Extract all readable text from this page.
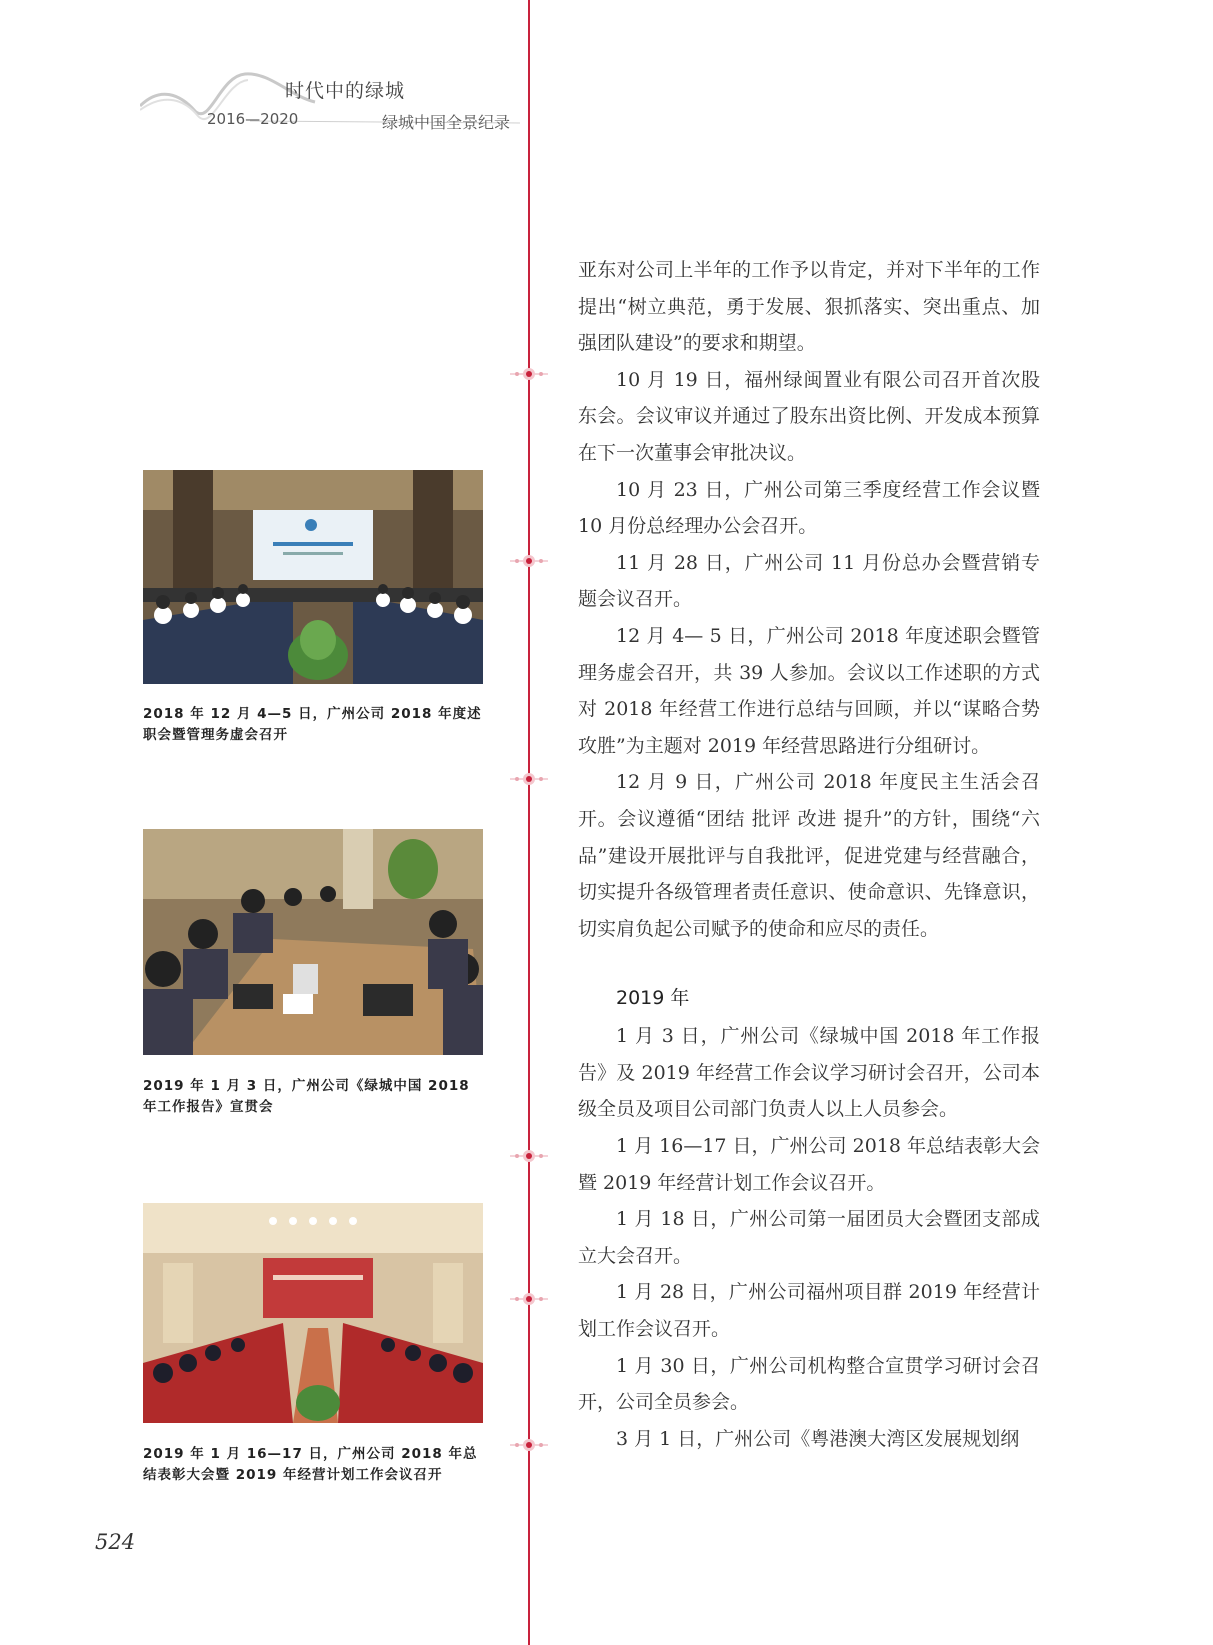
时代中的绿城
2016—2020	绿城中国全景纪录
2018 年 12 月 4—5 日，广州公司 2018 年度述职会暨管理务虚会召开
2019 年 1 月 3 日，广州公司《绿城中国 2018 年工作报告》宣贯会
2019 年 1 月 16—17 日，广州公司 2018 年总结表彰大会暨 2019 年经营计划工作会议召开

亚东对公司上半年的工作予以肯定，并对下半年的工作提出“树立典范，勇于发展、狠抓落实、突出重点、加强团队建设”的要求和期望。

10 月 19 日，福州绿闽置业有限公司召开首次股东会。会议审议并通过了股东出资比例、开发成本预算在下一次董事会审批决议。

10 月 23 日，广州公司第三季度经营工作会议暨 10 月份总经理办公会召开。

11 月 28 日，广州公司 11 月份总办会暨营销专题会议召开。

12 月 4— 5 日，广州公司 2018 年度述职会暨管理务虚会召开，共 39 人参加。会议以工作述职的方式对 2018 年经营工作进行总结与回顾，并以“谋略合势 攻胜”为主题对 2019 年经营思路进行分组研讨。

12 月 9 日，广州公司 2018 年度民主生活会召开。会议遵循“团结 批评 改进 提升”的方针，围绕“六品”建设开展批评与自我批评，促进党建与经营融合，切实提升各级管理者责任意识、使命意识、先锋意识，切实肩负起公司赋予的使命和应尽的责任。

2019 年

1 月 3 日，广州公司《绿城中国 2018 年工作报告》及 2019 年经营工作会议学习研讨会召开，公司本级全员及项目公司部门负责人以上人员参会。

1 月 16—17 日，广州公司 2018 年总结表彰大会暨 2019 年经营计划工作会议召开。

1 月 18 日，广州公司第一届团员大会暨团支部成立大会召开。

1 月 28 日，广州公司福州项目群 2019 年经营计划工作会议召开。

1 月 30 日，广州公司机构整合宣贯学习研讨会召开，公司全员参会。

3 月 1 日，广州公司《粤港澳大湾区发展规划纲

524
